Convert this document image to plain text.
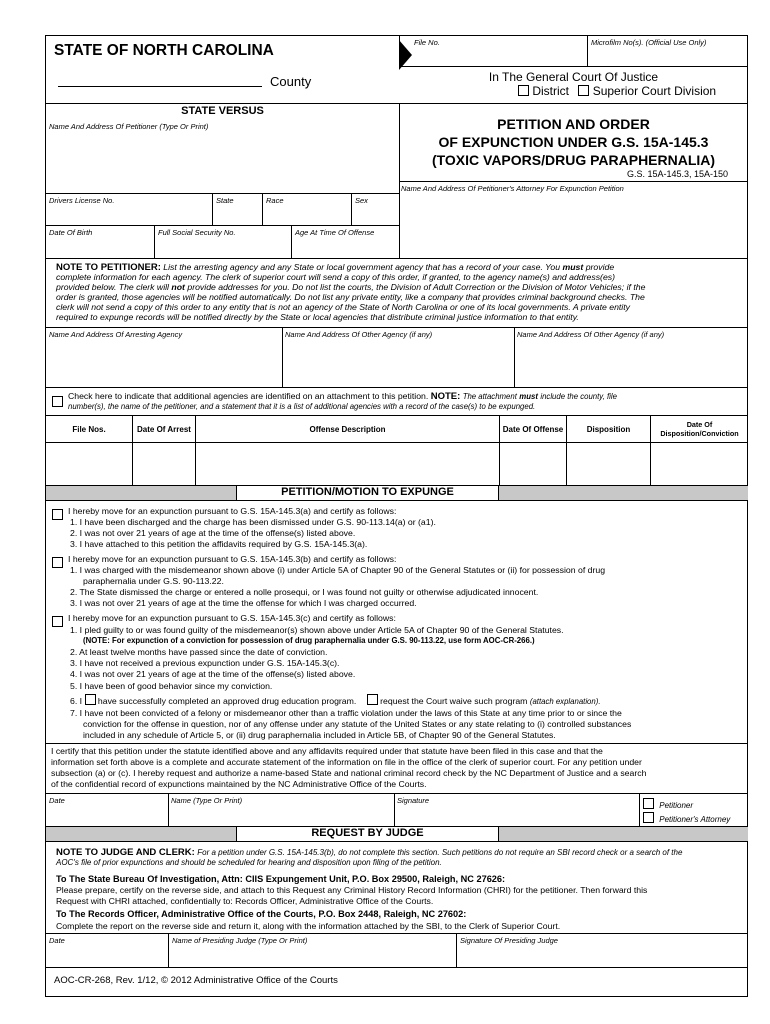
STATE OF NORTH CAROLINA
County
File No.	Microfilm No(s). (Official Use Only)
In The General Court Of Justice
District Superior Court Division
STATE VERSUS
Name And Address Of Petitioner (Type Or Print)	PETITION AND ORDER
OF EXPUNCTION UNDER G.S. 15A-145.3
(TOXIC VAPORS/DRUG PARAPHERNALIA)
G.S. 15A-145.3, 15A-150
Name And Address Of Petitioner's Attorney For Expunction Petition
Drivers License No.	State	Race	Sex
Date Of Birth	Full Social Security No.	Age At Time Of Offense
NOTE TO PETITIONER: List the arresting agency and any State or local government agency that has a record of your case. You must provide
complete information for each agency. The clerk of superior court will send a copy of this order, if granted, to the agency name(s) and address(es)
provided below. The clerk will not provide addresses for you. Do not list the courts, the Division of Adult Correction or the Division of Motor Vehicles; if the
order is granted, those agencies will be notified automatically. Do not list any private entity, like a company that provides criminal background checks. The
clerk will not send a copy of this order to any entity that is not an agency of the State of North Carolina or one of its local governments. A private entity
required to expunge records will be notified directly by the State or local agencies that distribute criminal justice information to that entity.
Name And Address Of Arresting Agency	Name And Address Of Other Agency (if any)	Name And Address Of Other Agency (if any)
Check here to indicate that additional agencies are identified on an attachment to this petition. NOTE: The attachment must include the county, file
number(s), the name of the petitioner, and a statement that it is a list of additional agencies with a record of the case(s) to be expunged.
File Nos.	Date Of Arrest	Offense Description	Date Of Offense	Disposition	Date Of Disposition/Conviction
PETITION/MOTION TO EXPUNGE
I hereby move for an expunction pursuant to G.S. 15A-145.3(a) and certify as follows:
1. I have been discharged and the charge has been dismissed under G.S. 90-113.14(a) or (a1).
2. I was not over 21 years of age at the time of the offense(s) listed above.
3. I have attached to this petition the affidavits required by G.S. 15A-145.3(a).
I hereby move for an expunction pursuant to G.S. 15A-145.3(b) and certify as follows:
1. I was charged with the misdemeanor shown above (i) under Article 5A of Chapter 90 of the General Statutes or (ii) for possession of drug
paraphernalia under G.S. 90-113.22.
2. The State dismissed the charge or entered a nolle prosequi, or I was found not guilty or otherwise adjudicated innocent.
3. I was not over 21 years of age at the time the offense for which I was charged occurred.
I hereby move for an expunction pursuant to G.S. 15A-145.3(c) and certify as follows:
1. I pled guilty to or was found guilty of the misdemeanor(s) shown above under Article 5A of Chapter 90 of the General Statutes.
(NOTE: For expunction of a conviction for possession of drug paraphernalia under G.S. 90-113.22, use form AOC-CR-266.)
2. At least twelve months have passed since the date of conviction.
3. I have not received a previous expunction under G.S. 15A-145.3(c).
4. I was not over 21 years of age at the time of the offense(s) listed above.
5. I have been of good behavior since my conviction.
6. I have successfully completed an approved drug education program.	request the Court waive such program (attach explanation).
7. I have not been convicted of a felony or misdemeanor other than a traffic violation under the laws of this State at any time prior to or since the
conviction for the offense in question, nor of any offense under any statute of the United States or any state relating to (i) controlled substances
included in any schedule of Article 5, or (ii) drug paraphernalia included in Article 5B, of Chapter 90 of the General Statutes.
I certify that this petition under the statute identified above and any affidavits required under that statute have been filed in this case and that the
information set forth above is a complete and accurate statement of the information on file in the office of the clerk of superior court. For any petition under
subsection (a) or (c). I hereby request and authorize a name-based State and national criminal record check by the NC Department of Justice and a search
of the confidential record of expunctions maintained by the NC Administrative Office of the Courts.
Date	Name (Type Or Print)	Signature
Petitioner
Petitioner's Attorney
REQUEST BY JUDGE
NOTE TO JUDGE AND CLERK: For a petition under G.S. 15A-145.3(b), do not complete this section. Such petitions do not require an SBI record check or a search of the
AOC's file of prior expunctions and should be scheduled for hearing and disposition upon filing of the petition.
To The State Bureau Of Investigation, Attn: CIIS Expungement Unit, P.O. Box 29500, Raleigh, NC 27626:
Please prepare, certify on the reverse side, and attach to this Request any Criminal History Record Information (CHRI) for the petitioner. Then forward this
Request with CHRI attached, confidentially to: Records Officer, Administrative Office of the Courts.
To The Records Officer, Administrative Office of the Courts, P.O. Box 2448, Raleigh, NC 27602:
Complete the report on the reverse side and return it, along with the information attached by the SBI, to the Clerk of Superior Court.
Date	Name of Presiding Judge (Type Or Print)	Signature Of Presiding Judge
AOC-CR-268, Rev. 1/12, © 2012 Administrative Office of the Courts
